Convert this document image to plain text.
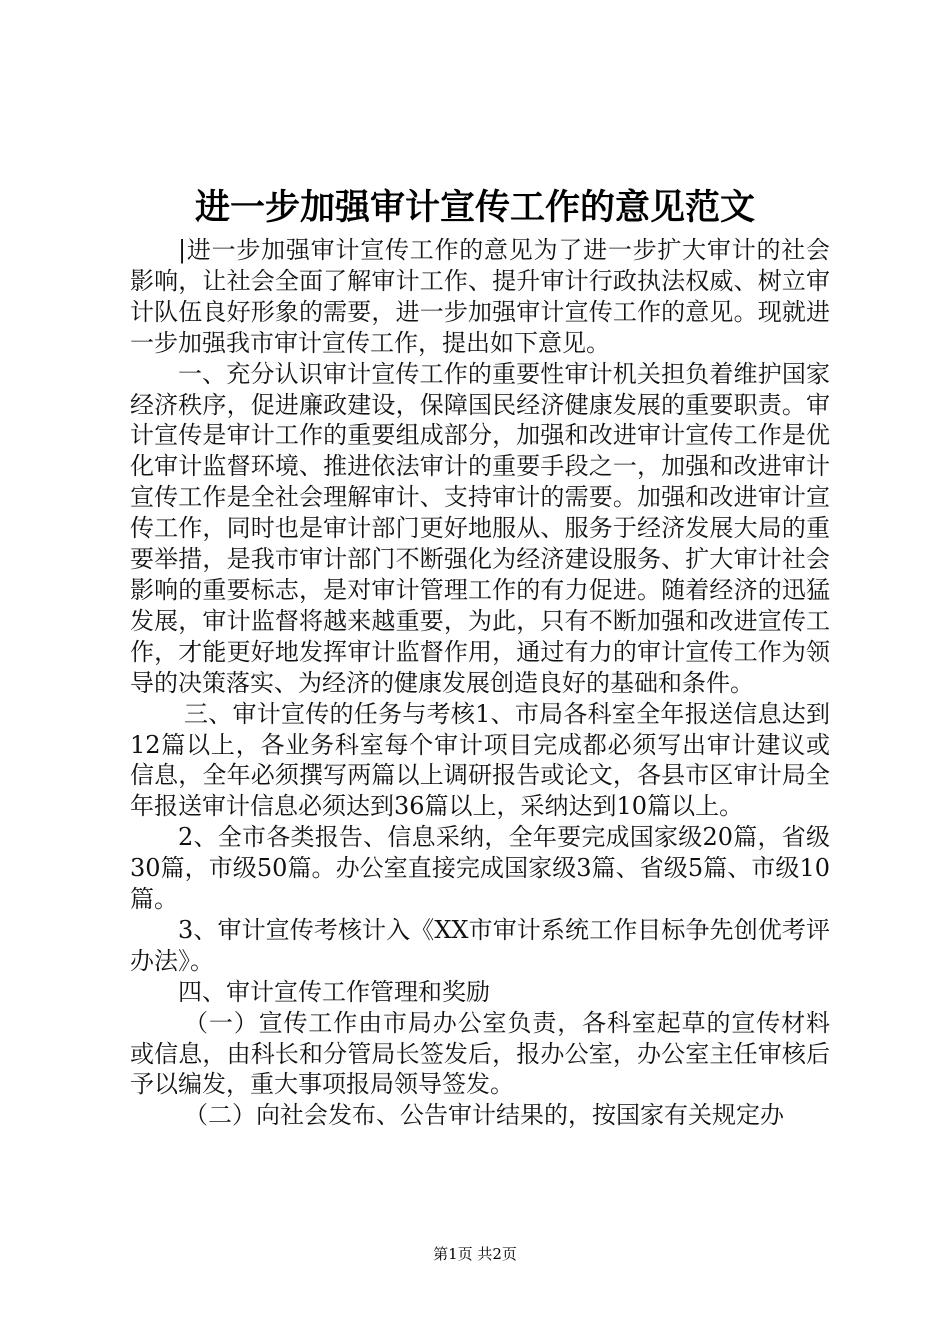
进一步加强审计宣传工作的意见范文

|进一步加强审计宣传工作的意见为了进一步扩大审计的社会影响，让社会全面了解审计工作、提升审计行政执法权威、树立审计队伍良好形象的需要，进一步加强审计宣传工作的意见。现就进一步加强我市审计宣传工作，提出如下意见。

一、充分认识审计宣传工作的重要性审计机关担负着维护国家经济秩序，促进廉政建设，保障国民经济健康发展的重要职责。审计宣传是审计工作的重要组成部分，加强和改进审计宣传工作是优化审计监督环境、推进依法审计的重要手段之一，加强和改进审计宣传工作是全社会理解审计、支持审计的需要。加强和改进审计宣传工作，同时也是审计部门更好地服从、服务于经济发展大局的重要举措，是我市审计部门不断强化为经济建设服务、扩大审计社会影响的重要标志，是对审计管理工作的有力促进。随着经济的迅猛发展，审计监督将越来越重要，为此，只有不断加强和改进宣传工作，才能更好地发挥审计监督作用，通过有力的审计宣传工作为领导的决策落实、为经济的健康发展创造良好的基础和条件。

三、审计宣传的任务与考核1、市局各科室全年报送信息达到12篇以上，各业务科室每个审计项目完成都必须写出审计建议或信息，全年必须撰写两篇以上调研报告或论文，各县市区审计局全年报送审计信息必须达到36篇以上，采纳达到10篇以上。

2、全市各类报告、信息采纳，全年要完成国家级20篇，省级30篇，市级50篇。办公室直接完成国家级3篇、省级5篇、市级10篇。

3、审计宣传考核计入《XX市审计系统工作目标争先创优考评办法》。

四、审计宣传工作管理和奖励

（一）宣传工作由市局办公室负责，各科室起草的宣传材料或信息，由科长和分管局长签发后，报办公室，办公室主任审核后予以编发，重大事项报局领导签发。

（二）向社会发布、公告审计结果的，按国家有关规定办

第1页 共2页
